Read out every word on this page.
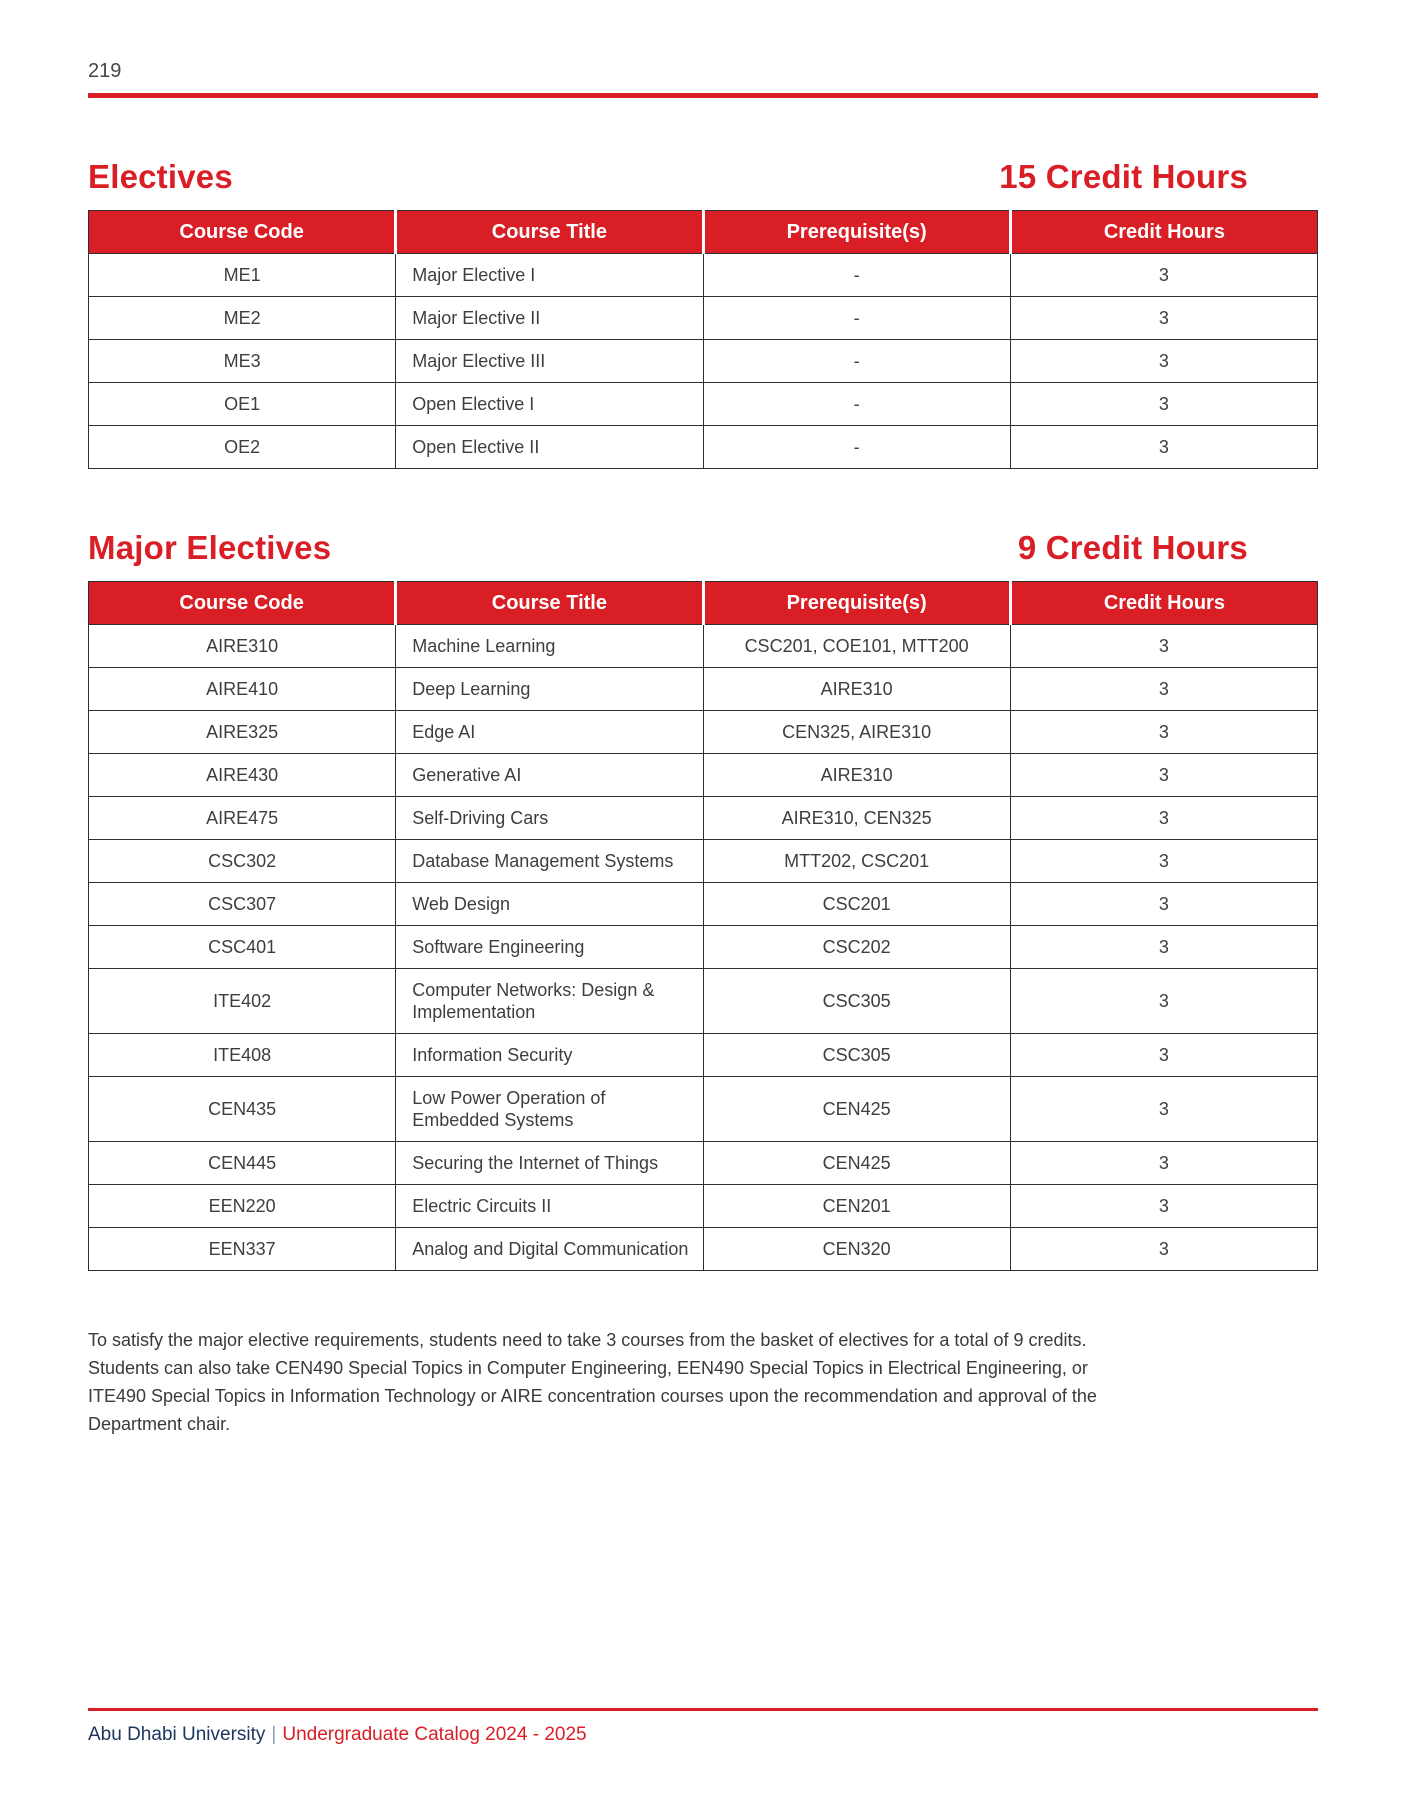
219
Electives	15 Credit Hours
Course Code	Course Title	Prerequisite(s)	Credit Hours
ME1	Major Elective I	-	3
ME2	Major Elective II	-	3
ME3	Major Elective III	-	3
OE1	Open Elective I	-	3
OE2	Open Elective II	-	3
Major Electives	9 Credit Hours
Course Code	Course Title	Prerequisite(s)	Credit Hours
AIRE310	Machine Learning	CSC201, COE101, MTT200	3
AIRE410	Deep Learning	AIRE310	3
AIRE325	Edge AI	CEN325, AIRE310	3
AIRE430	Generative AI	AIRE310	3
AIRE475	Self-Driving Cars	AIRE310, CEN325	3
CSC302	Database Management Systems	MTT202, CSC201	3
CSC307	Web Design	CSC201	3
CSC401	Software Engineering	CSC202	3
ITE402	Computer Networks: Design & Implementation	CSC305	3
ITE408	Information Security	CSC305	3
CEN435	Low Power Operation of Embedded Systems	CEN425	3
CEN445	Securing the Internet of Things	CEN425	3
EEN220	Electric Circuits II	CEN201	3
EEN337	Analog and Digital Communication	CEN320	3

To satisfy the major elective requirements, students need to take 3 courses from the basket of electives for a total of 9 credits.
Students can also take CEN490 Special Topics in Computer Engineering, EEN490 Special Topics in Electrical Engineering, or
ITE490 Special Topics in Information Technology or AIRE concentration courses upon the recommendation and approval of the
Department chair.

Abu Dhabi University | Undergraduate Catalog 2024 - 2025
